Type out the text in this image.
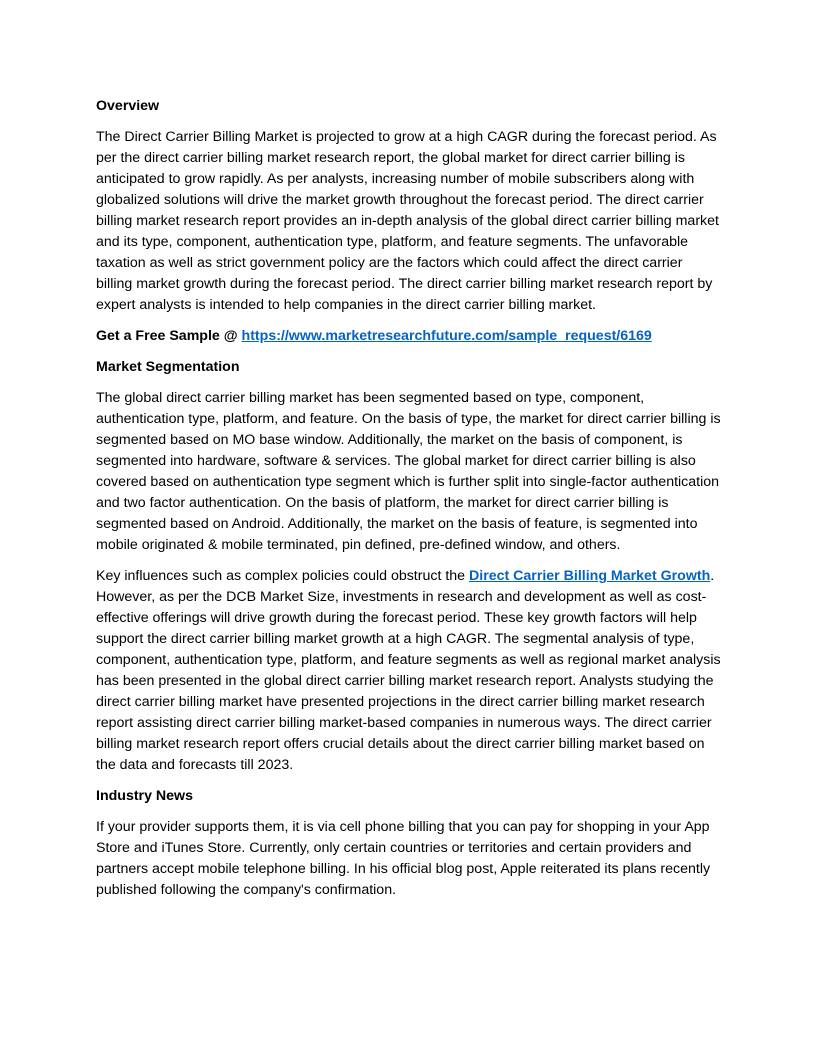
Overview

The Direct Carrier Billing Market is projected to grow at a high CAGR during the forecast period. As per the direct carrier billing market research report, the global market for direct carrier billing is anticipated to grow rapidly. As per analysts, increasing number of mobile subscribers along with globalized solutions will drive the market growth throughout the forecast period. The direct carrier billing market research report provides an in-depth analysis of the global direct carrier billing market and its type, component, authentication type, platform, and feature segments. The unfavorable taxation as well as strict government policy are the factors which could affect the direct carrier billing market growth during the forecast period. The direct carrier billing market research report by expert analysts is intended to help companies in the direct carrier billing market.

Get a Free Sample @ https://www.marketresearchfuture.com/sample_request/6169

Market Segmentation

The global direct carrier billing market has been segmented based on type, component, authentication type, platform, and feature. On the basis of type, the market for direct carrier billing is segmented based on MO base window. Additionally, the market on the basis of component, is segmented into hardware, software & services. The global market for direct carrier billing is also covered based on authentication type segment which is further split into single-factor authentication and two factor authentication. On the basis of platform, the market for direct carrier billing is segmented based on Android. Additionally, the market on the basis of feature, is segmented into mobile originated & mobile terminated, pin defined, pre-defined window, and others.

Key influences such as complex policies could obstruct the Direct Carrier Billing Market Growth. However, as per the DCB Market Size, investments in research and development as well as cost-effective offerings will drive growth during the forecast period. These key growth factors will help support the direct carrier billing market growth at a high CAGR. The segmental analysis of type, component, authentication type, platform, and feature segments as well as regional market analysis has been presented in the global direct carrier billing market research report. Analysts studying the direct carrier billing market have presented projections in the direct carrier billing market research report assisting direct carrier billing market-based companies in numerous ways. The direct carrier billing market research report offers crucial details about the direct carrier billing market based on the data and forecasts till 2023.

Industry News

If your provider supports them, it is via cell phone billing that you can pay for shopping in your App Store and iTunes Store. Currently, only certain countries or territories and certain providers and partners accept mobile telephone billing. In his official blog post, Apple reiterated its plans recently published following the company's confirmation.
